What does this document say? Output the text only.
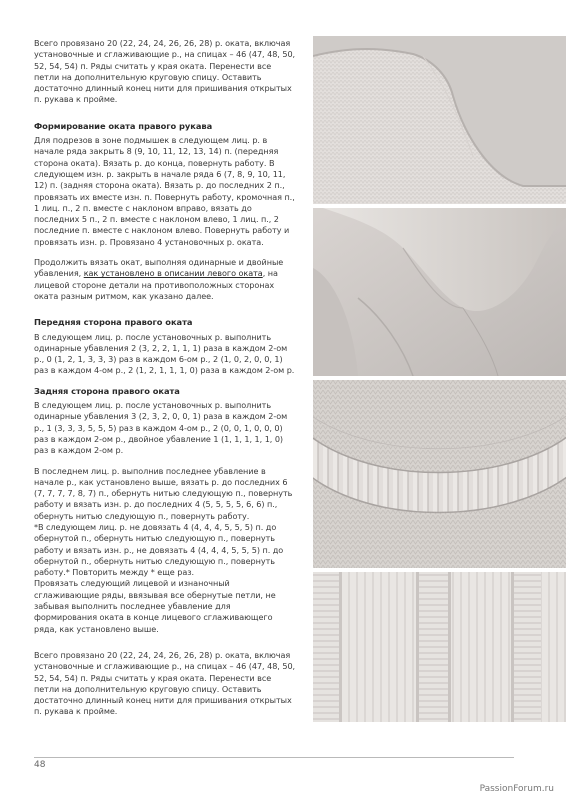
Всего провязано 20 (22, 24, 24, 26, 26, 28) р. оката, включая установочные и сглаживающие р., на спицах – 46 (47, 48, 50, 52, 54, 54) п. Ряды считать у края оката. Перенести все петли на дополнительную круговую спицу. Оставить достаточно длинный конец нити для пришивания открытых п. рукава к пройме.

Формирование оката правого рукава

Для подрезов в зоне подмышек в следующем лиц. р. в начале ряда закрыть 8 (9, 10, 11, 12, 13, 14) п. (передняя сторона оката). Вязать р. до конца, повернуть работу. В следующем изн. р. закрыть в начале ряда 6 (7, 8, 9, 10, 11, 12) п. (задняя сторона оката). Вязать р. до последних 2 п., провязать их вместе изн. п. Повернуть работу, кромочная п., 1 лиц. п., 2 п. вместе с наклоном вправо, вязать до последних 5 п., 2 п. вместе с наклоном влево, 1 лиц. п., 2 последние п. вместе с наклоном влево. Повернуть работу и провязать изн. р. Провязано 4 установочных р. оката.

Продолжить вязать окат, выполняя одинарные и двойные убавления, как установлено в описании левого оката, на лицевой стороне детали на противоположных сторонах оката разным ритмом, как указано далее.

Передняя сторона правого оката

В следующем лиц. р. после установочных р. выполнить одинарные убавления 2 (3, 2, 2, 1, 1, 1) раза в каждом 2-ом р., 0 (1, 2, 1, 3, 3, 3) раз в каждом 6-ом р., 2 (1, 0, 2, 0, 0, 1) раз в каждом 4-ом р., 2 (1, 2, 1, 1, 1, 0) раза в каждом 2-ом р.

Задняя сторона правого оката

В следующем лиц. р. после установочных р. выполнить одинарные убавления 3 (2, 3, 2, 0, 0, 1) раза в каждом 2-ом р., 1 (3, 3, 3, 5, 5, 5) раз в каждом 4-ом р., 2 (0, 0, 1, 0, 0, 0) раз в каждом 2-ом р., двойное убавление 1 (1, 1, 1, 1, 1, 0) раз в каждом 2-ом р.

В последнем лиц. р. выполнив последнее убавление в начале р., как установлено выше, вязать р. до последних 6 (7, 7, 7, 7, 8, 7) п., обернуть нитью следующую п., повернуть работу и вязать изн. р. до последних 4 (5, 5, 5, 5, 6, 6) п., обернуть нитью следующую п., повернуть работу.

*В следующем лиц. р. не довязать 4 (4, 4, 4, 5, 5, 5) п. до обернутой п., обернуть нитью следующую п., повернуть работу и вязать изн. р., не довязать 4 (4, 4, 4, 5, 5, 5) п. до обернутой п., обернуть нитью следующую п., повернуть работу.* Повторить между * еще раз.

Провязать следующий лицевой и изнаночный сглаживающие ряды, ввязывая все обернутые петли, не забывая выполнить последнее убавление для формирования оката в конце лицевого сглаживающего ряда, как установлено выше.

Всего провязано 20 (22, 24, 24, 26, 26, 28) р. оката, включая установочные и сглаживающие р., на спицах – 46 (47, 48, 50, 52, 54, 54) п. Ряды считать у края оката. Перенести все петли на дополнительную круговую спицу. Оставить достаточно длинный конец нити для пришивания открытых п. рукава к пройме.

48
PassionForum.ru
